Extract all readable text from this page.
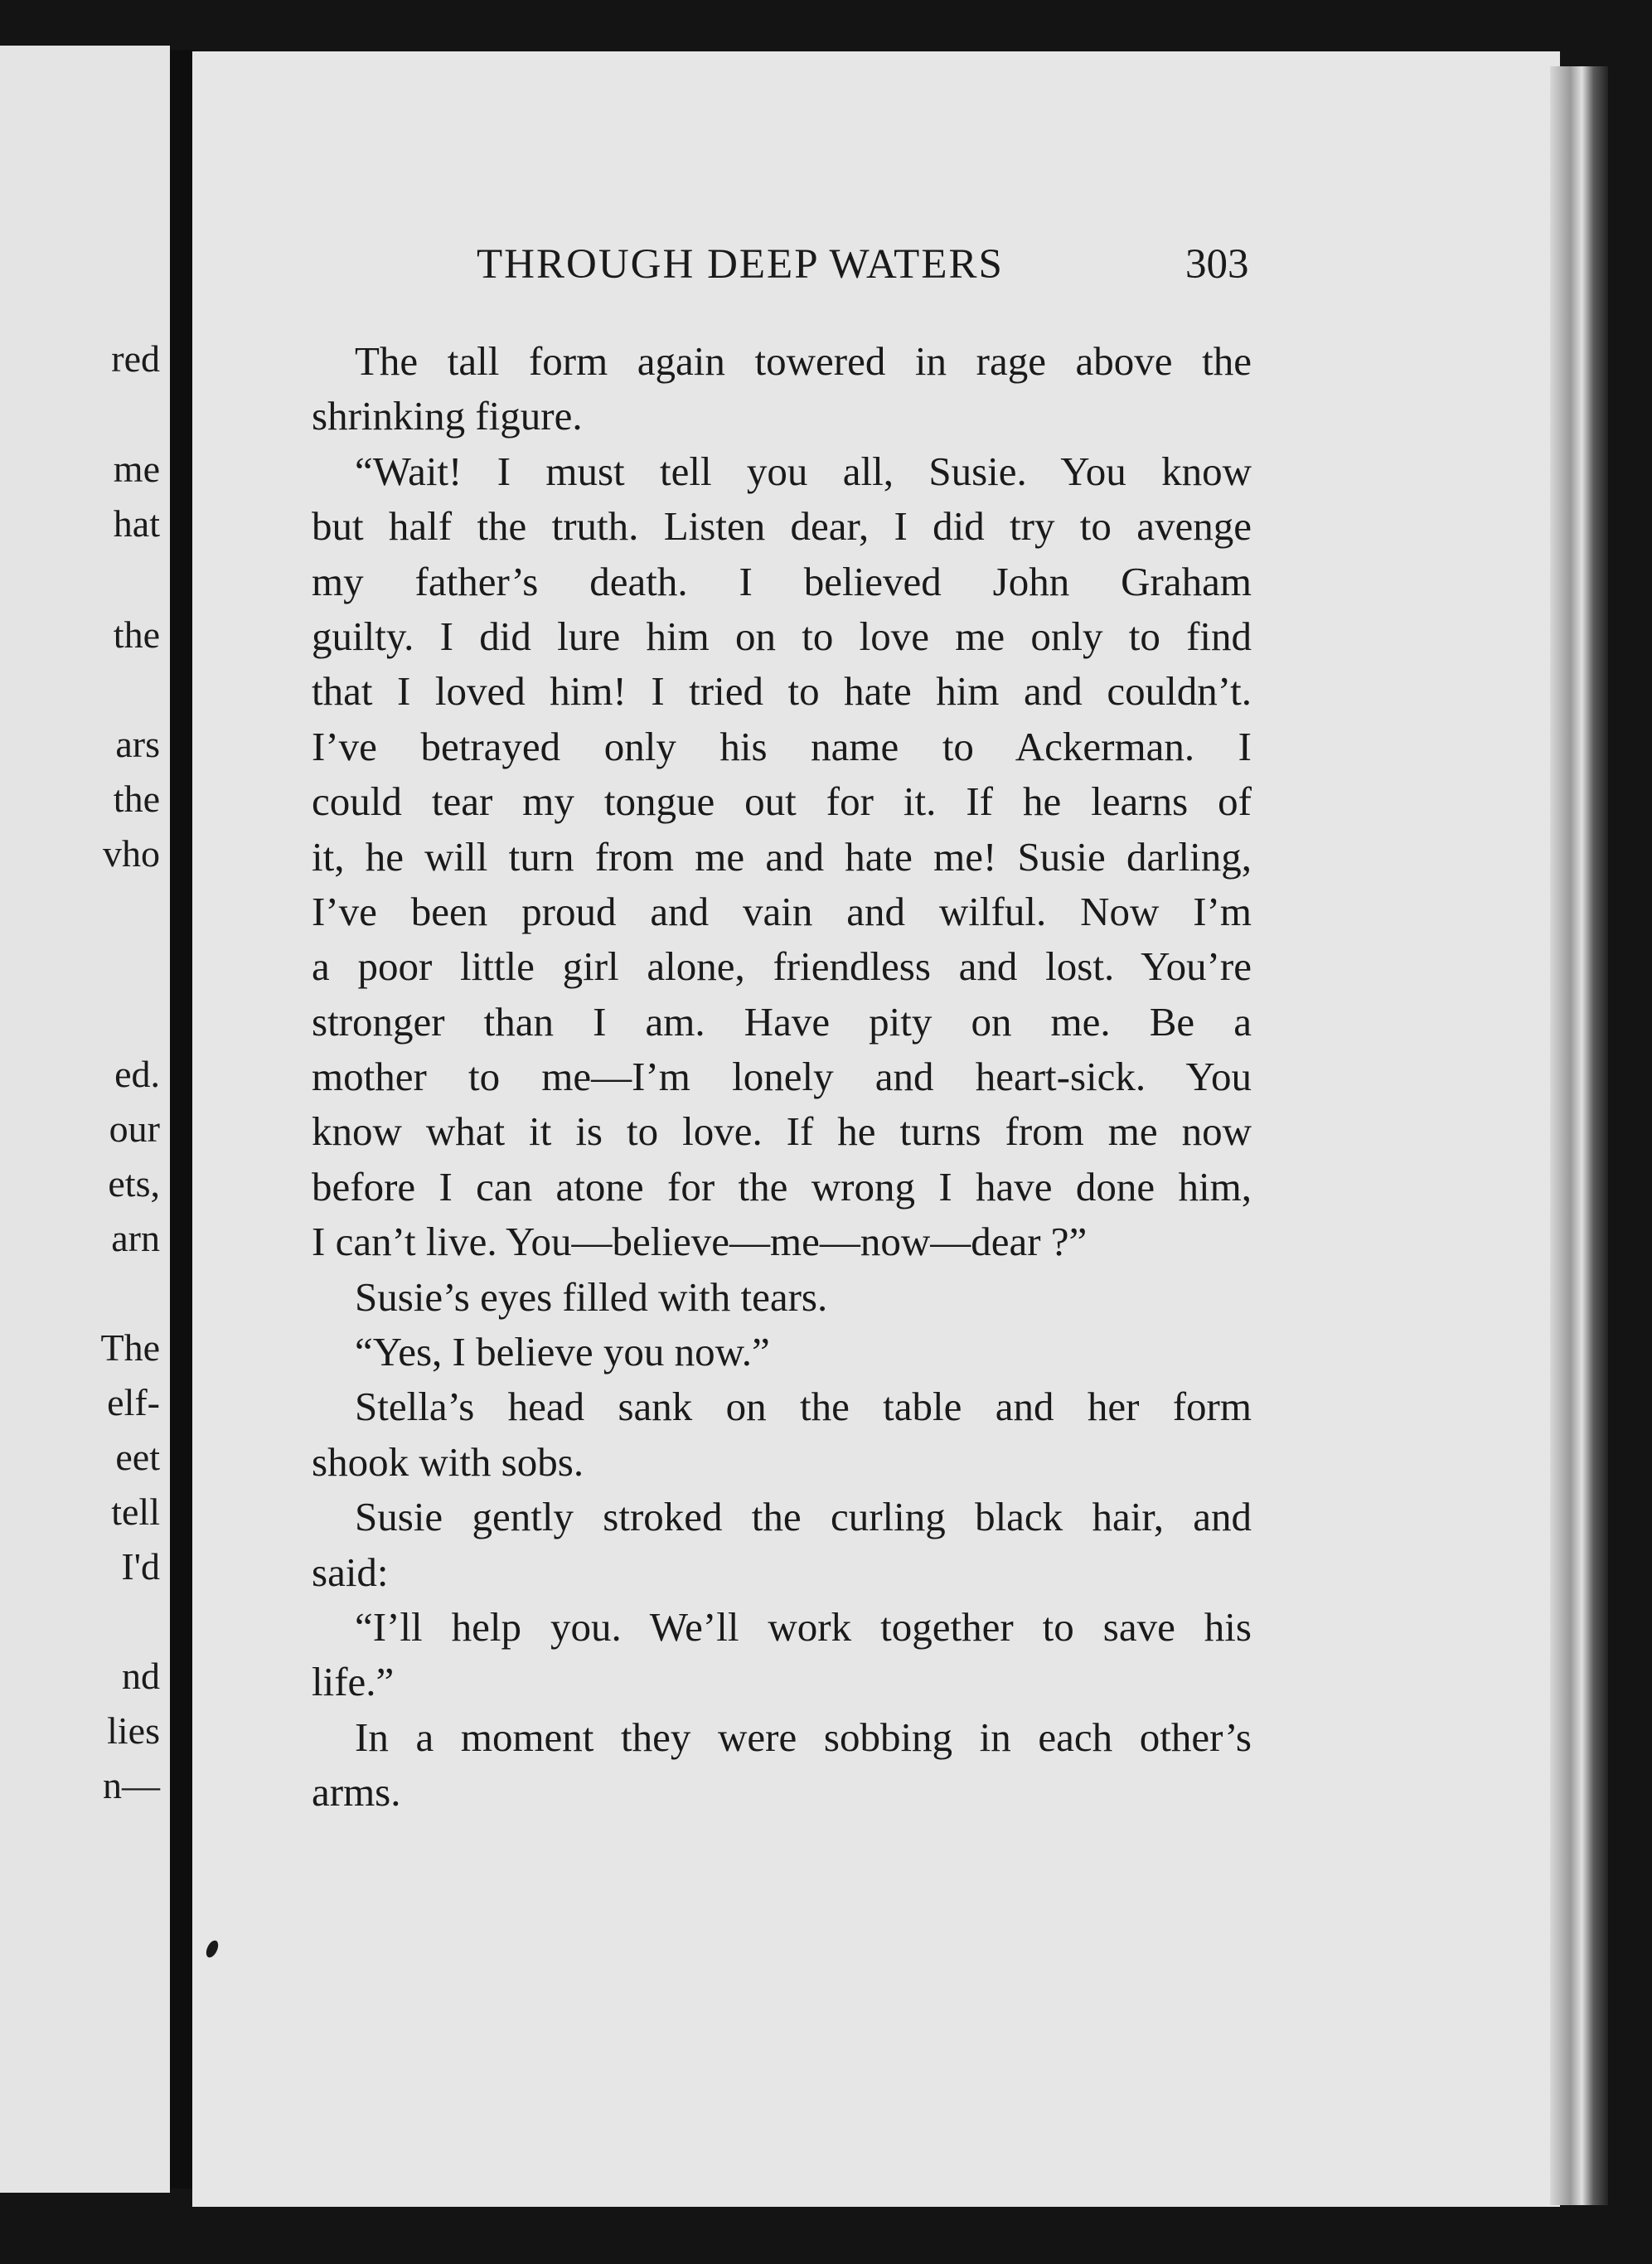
red
me
hat
the
ars
the
vho
ed.
our
ets,
arn
The
elf-
eet
tell
I'd
nd
lies
n—
THROUGH DEEP WATERS	303
The tall form again towered in rage above the
shrinking figure.
“Wait! I must tell you all, Susie. You know
but half the truth. Listen dear, I did try to avenge
my father’s death. I believed John Graham
guilty. I did lure him on to love me only to find
that I loved him! I tried to hate him and couldn’t.
I’ve betrayed only his name to Ackerman. I
could tear my tongue out for it. If he learns of
it, he will turn from me and hate me! Susie darling,
I’ve been proud and vain and wilful. Now I’m
a poor little girl alone, friendless and lost. You’re
stronger than I am. Have pity on me. Be a
mother to me—I’m lonely and heart-sick. You
know what it is to love. If he turns from me now
before I can atone for the wrong I have done him,
I can’t live. You—believe—me—now—dear ?”
Susie’s eyes filled with tears.
“Yes, I believe you now.”
Stella’s head sank on the table and her form
shook with sobs.
Susie gently stroked the curling black hair, and
said:
“I’ll help you. We’ll work together to save his
life.”
In a moment they were sobbing in each other’s
arms.
